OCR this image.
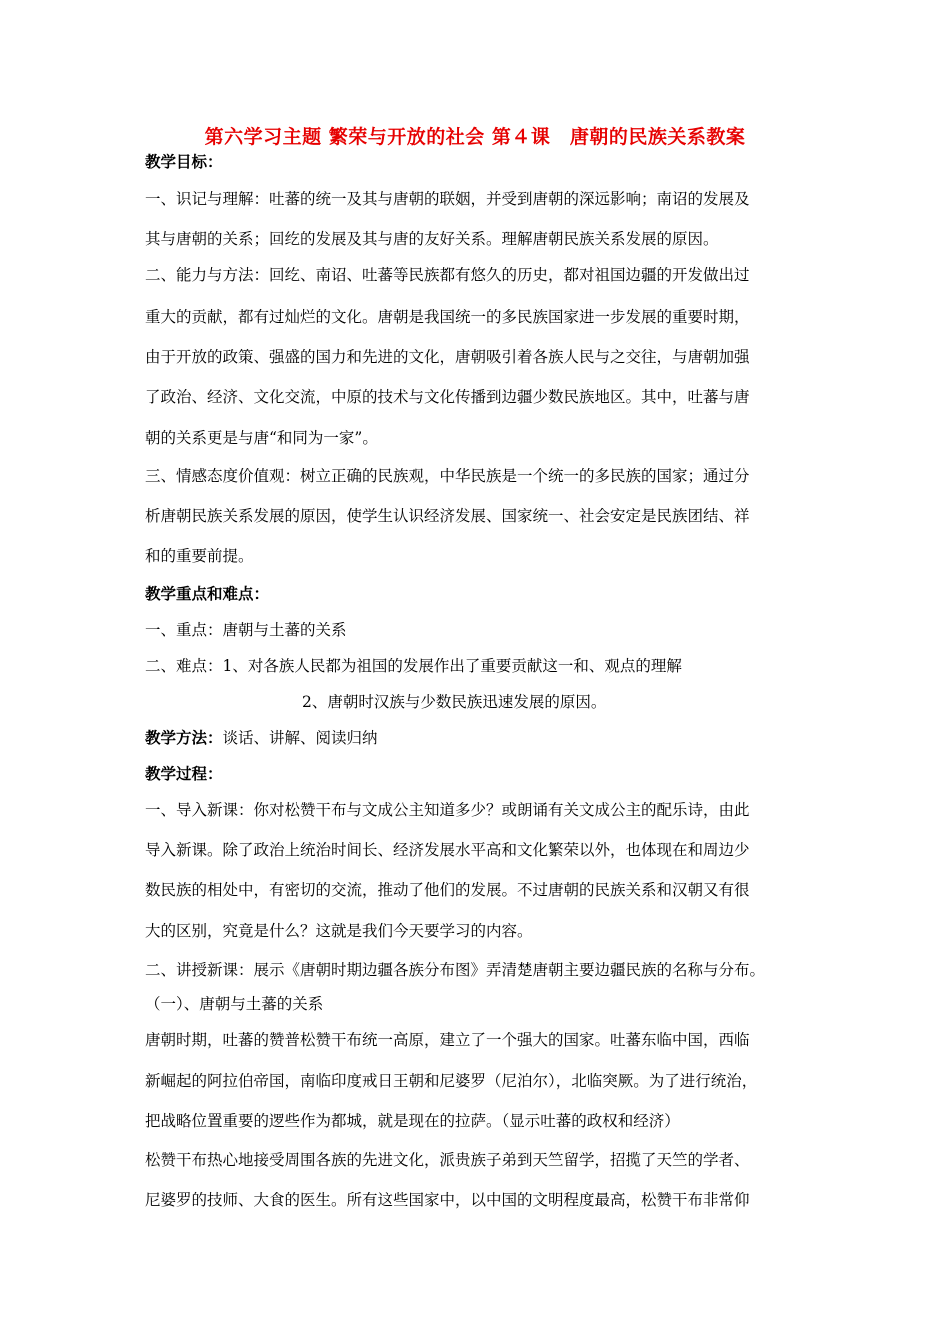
第六学习主题 繁荣与开放的社会 第４课　唐朝的民族关系教案
教学目标：
一、识记与理解：吐蕃的统一及其与唐朝的联姻，并受到唐朝的深远影响；南诏的发展及
其与唐朝的关系；回纥的发展及其与唐的友好关系。理解唐朝民族关系发展的原因。
二、能力与方法：回纥、南诏、吐蕃等民族都有悠久的历史，都对祖国边疆的开发做出过
重大的贡献，都有过灿烂的文化。唐朝是我国统一的多民族国家进一步发展的重要时期，
由于开放的政策、强盛的国力和先进的文化，唐朝吸引着各族人民与之交往，与唐朝加强
了政治、经济、文化交流，中原的技术与文化传播到边疆少数民族地区。其中，吐蕃与唐
朝的关系更是与唐“和同为一家”。
三、情感态度价值观：树立正确的民族观，中华民族是一个统一的多民族的国家；通过分
析唐朝民族关系发展的原因，使学生认识经济发展、国家统一、社会安定是民族团结、祥
和的重要前提。
教学重点和难点：
一、重点：唐朝与土蕃的关系
二、难点：1、对各族人民都为祖国的发展作出了重要贡献这一和、观点的理解
2、唐朝时汉族与少数民族迅速发展的原因。
教学方法：谈话、讲解、阅读归纳
教学过程：
一、导入新课：你对松赞干布与文成公主知道多少？或朗诵有关文成公主的配乐诗，由此
导入新课。除了政治上统治时间长、经济发展水平高和文化繁荣以外，也体现在和周边少
数民族的相处中，有密切的交流，推动了他们的发展。不过唐朝的民族关系和汉朝又有很
大的区别，究竟是什么？这就是我们今天要学习的内容。
二、讲授新课：展示《唐朝时期边疆各族分布图》弄清楚唐朝主要边疆民族的名称与分布。
（一）、唐朝与土蕃的关系
唐朝时期，吐蕃的赞普松赞干布统一高原，建立了一个强大的国家。吐蕃东临中国，西临
新崛起的阿拉伯帝国，南临印度戒日王朝和尼婆罗（尼泊尔），北临突厥。为了进行统治，
把战略位置重要的逻些作为都城，就是现在的拉萨。（显示吐蕃的政权和经济）
松赞干布热心地接受周围各族的先进文化，派贵族子弟到天竺留学，招揽了天竺的学者、
尼婆罗的技师、大食的医生。所有这些国家中，以中国的文明程度最高，松赞干布非常仰
